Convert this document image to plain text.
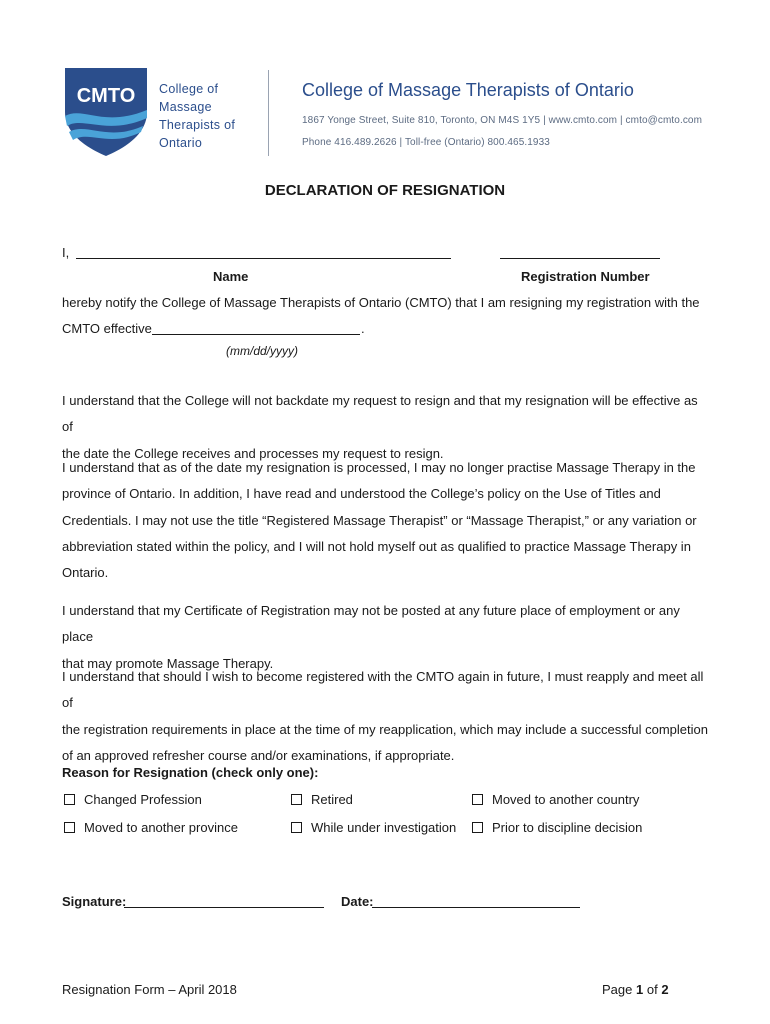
CMTO College of
Massage
Therapists of
Ontario
College of Massage Therapists of Ontario
1867 Yonge Street, Suite 810, Toronto, ON M4S 1Y5 | www.cmto.com | cmto@cmto.com
Phone 416.489.2626 | Toll-free (Ontario) 800.465.1933
DECLARATION OF RESIGNATION
I,
Name	Registration Number
hereby notify the College of Massage Therapists of Ontario (CMTO) that I am resigning my registration with the
CMTO effective	.
(mm/dd/yyyy)

I understand that the College will not backdate my request to resign and that my resignation will be effective as of

the date the College receives and processes my request to resign.

I understand that as of the date my resignation is processed, I may no longer practise Massage Therapy in the

province of Ontario. In addition, I have read and understood the College’s policy on the Use of Titles and

Credentials. I may not use the title “Registered Massage Therapist” or “Massage Therapist,” or any variation or

abbreviation stated within the policy, and I will not hold myself out as qualified to practice Massage Therapy in

Ontario.

I understand that my Certificate of Registration may not be posted at any future place of employment or any place

that may promote Massage Therapy.

I understand that should I wish to become registered with the CMTO again in future, I must reapply and meet all of

the registration requirements in place at the time of my reapplication, which may include a successful completion

of an approved refresher course and/or examinations, if appropriate.

Reason for Resignation (check only one):
Changed Profession	Retired	Moved to another country
Moved to another province	While under investigation	Prior to discipline decision
Signature:	Date:
Resignation Form – April 2018	Page 1 of 2
